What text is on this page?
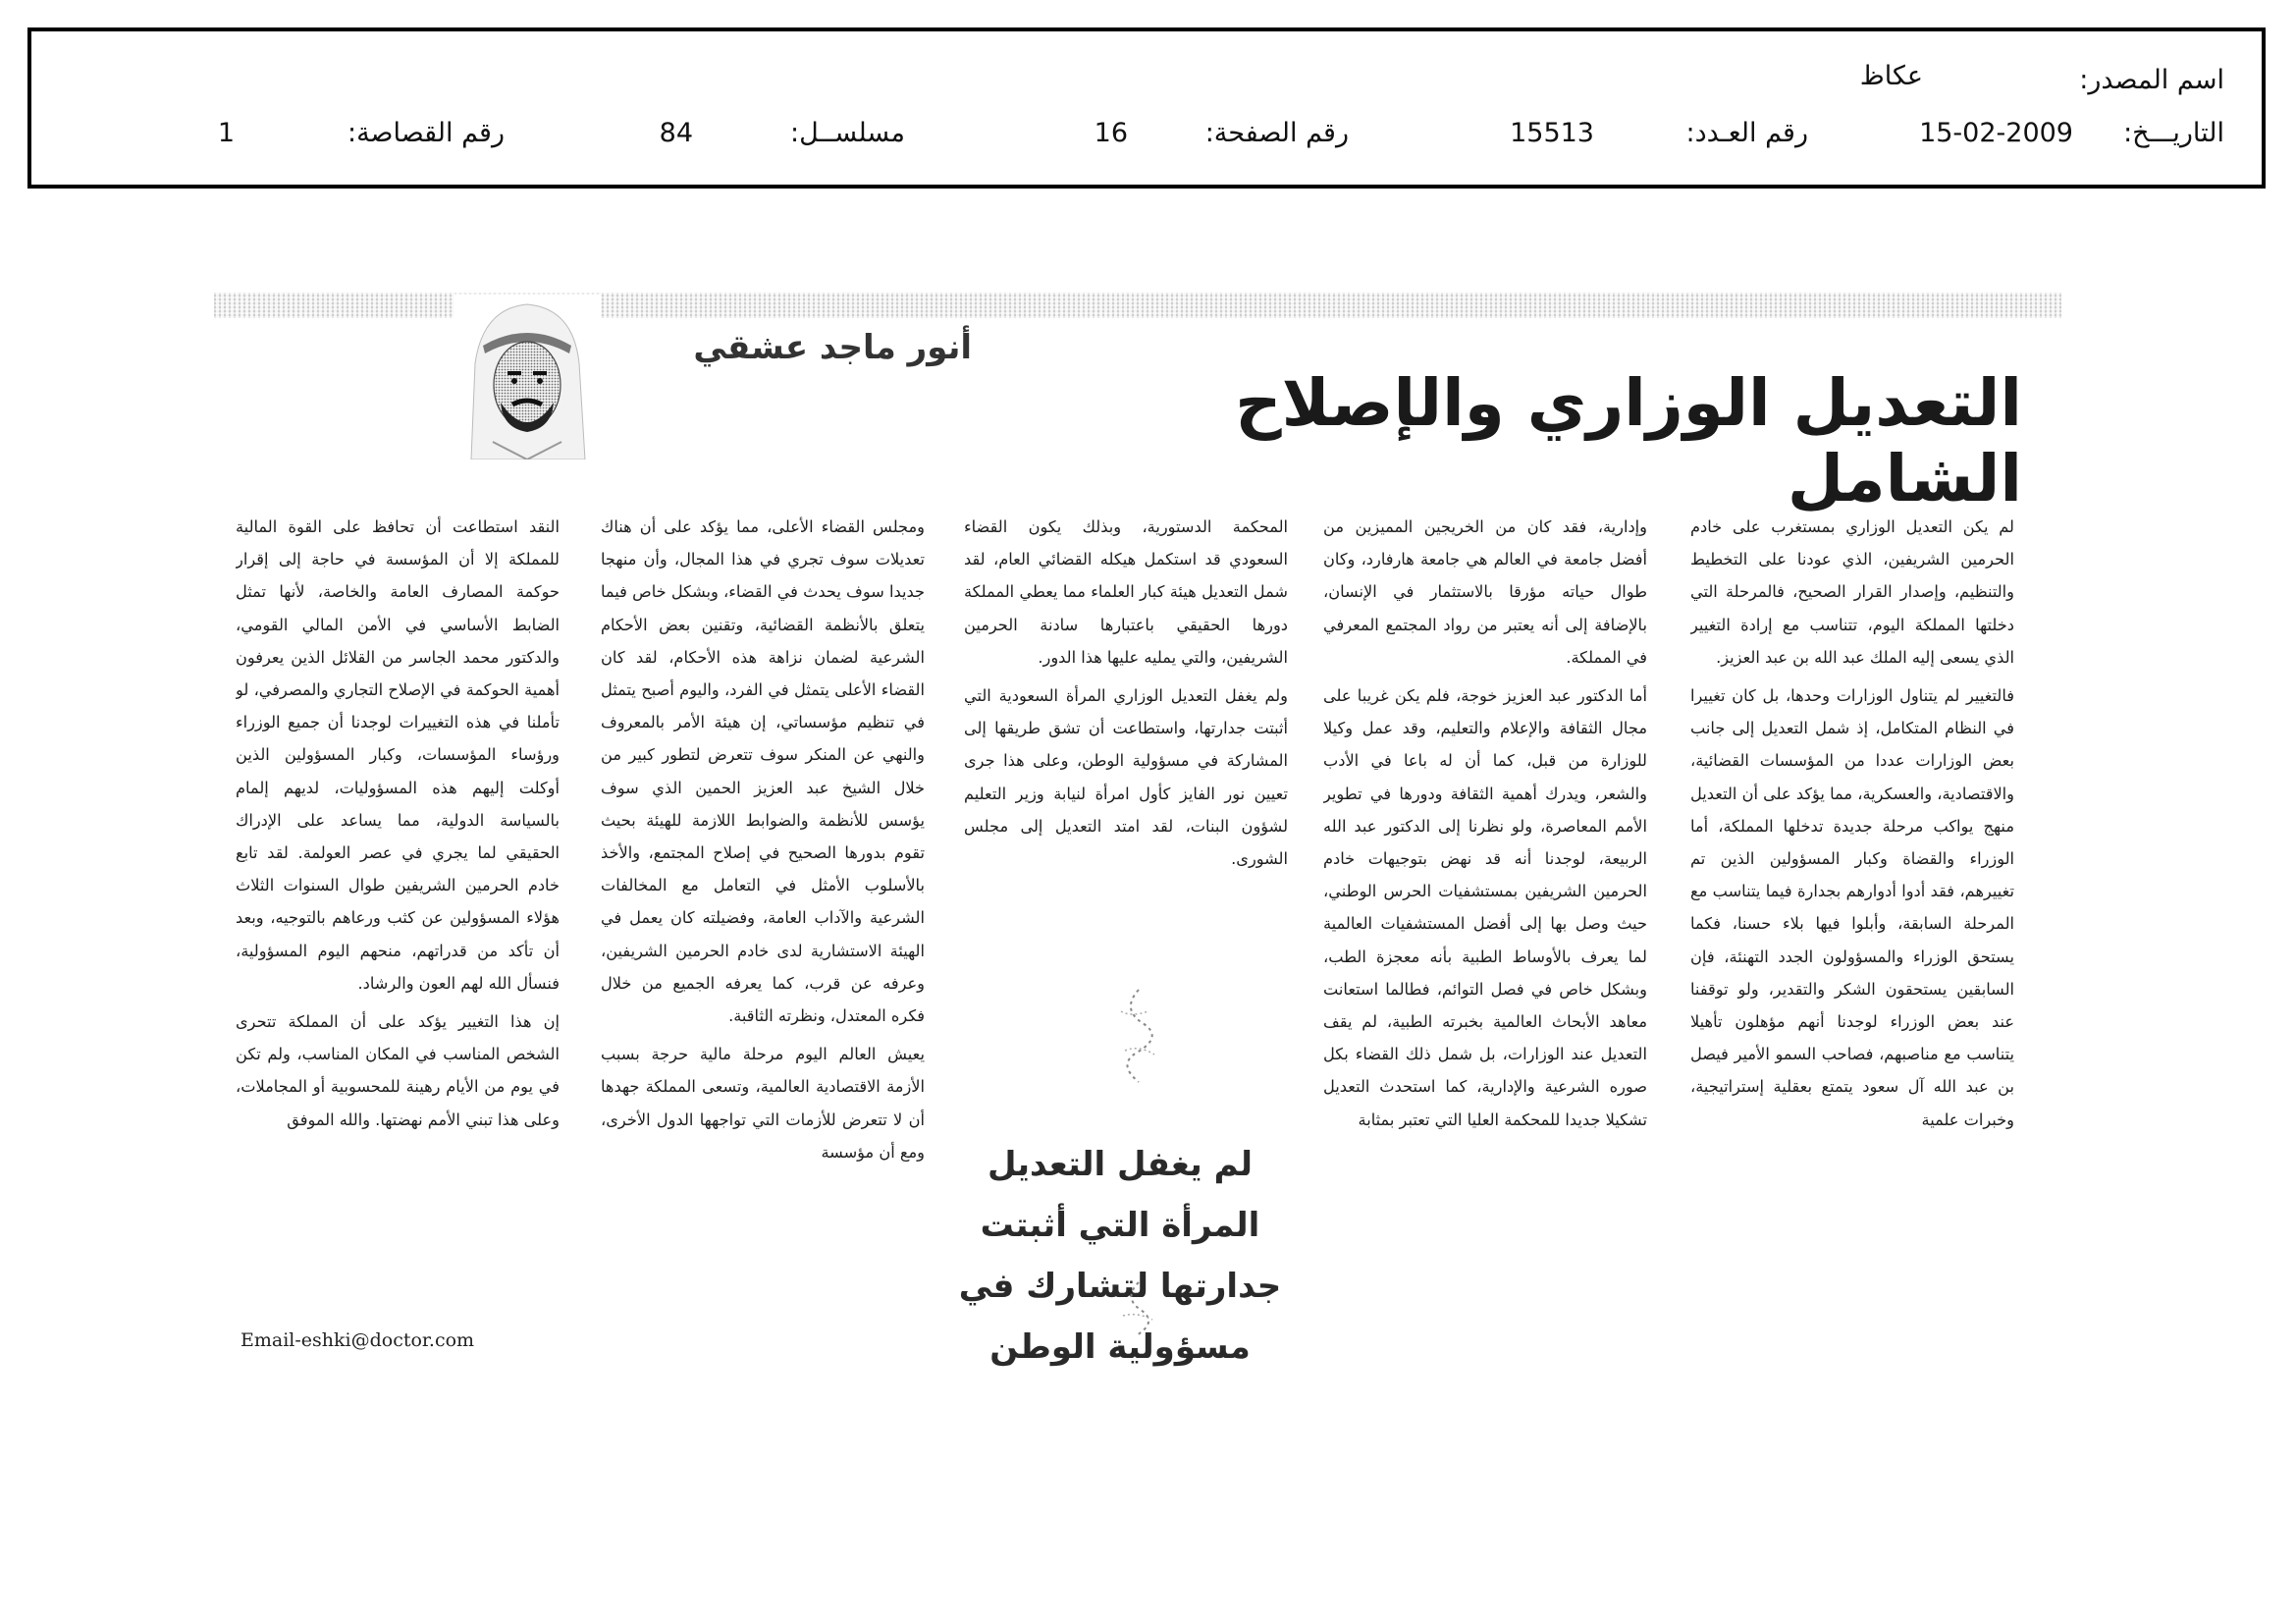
اسم المصدر:
عكاظ
التاريـــخ:
15-02-2009
رقم العـدد:
15513
رقم الصفحة:
16
مسلســل:
84
رقم القصاصة:
1
أنور ماجد عشقي
التعديل الوزاري والإصلاح الشامل

لم يكن التعديل الوزاري بمستغرب على خادم الحرمين الشريفين، الذي عودنا على التخطيط والتنظيم، وإصدار القرار الصحيح، فالمرحلة التي دخلتها المملكة اليوم، تتناسب مع إرادة التغيير الذي يسعى إليه الملك عبد الله بن عبد العزيز.

فالتغيير لم يتناول الوزارات وحدها، بل كان تغييرا في النظام المتكامل، إذ شمل التعديل إلى جانب بعض الوزارات عددا من المؤسسات القضائية، والاقتصادية، والعسكرية، مما يؤكد على أن التعديل منهج يواكب مرحلة جديدة تدخلها المملكة، أما الوزراء والقضاة وكبار المسؤولين الذين تم تغييرهم، فقد أدوا أدوارهم بجدارة فيما يتناسب مع المرحلة السابقة، وأبلوا فيها بلاء حسنا، فكما يستحق الوزراء والمسؤولون الجدد التهنئة، فإن السابقين يستحقون الشكر والتقدير، ولو توقفنا عند بعض الوزراء لوجدنا أنهم مؤهلون تأهيلا يتناسب مع مناصبهم، فصاحب السمو الأمير فيصل بن عبد الله آل سعود يتمتع بعقلية إستراتيجية، وخبرات علمية

وإدارية، فقد كان من الخريجين المميزين من أفضل جامعة في العالم هي جامعة هارفارد، وكان طوال حياته مؤرقا بالاستثمار في الإنسان، بالإضافة إلى أنه يعتبر من رواد المجتمع المعرفي في المملكة.

أما الدكتور عبد العزيز خوجة، فلم يكن غريبا على مجال الثقافة والإعلام والتعليم، وقد عمل وكيلا للوزارة من قبل، كما أن له باعا في الأدب والشعر، ويدرك أهمية الثقافة ودورها في تطوير الأمم المعاصرة، ولو نظرنا إلى الدكتور عبد الله الربيعة، لوجدنا أنه قد نهض بتوجيهات خادم الحرمين الشريفين بمستشفيات الحرس الوطني، حيث وصل بها إلى أفضل المستشفيات العالمية لما يعرف بالأوساط الطبية بأنه معجزة الطب، وبشكل خاص في فصل التوائم، فطالما استعانت معاهد الأبحاث العالمية بخبرته الطبية، لم يقف التعديل عند الوزارات، بل شمل ذلك القضاء بكل صوره الشرعية والإدارية، كما استحدث التعديل تشكيلا جديدا للمحكمة العليا التي تعتبر بمثابة

المحكمة الدستورية، وبذلك يكون القضاء السعودي قد استكمل هيكله القضائي العام، لقد شمل التعديل هيئة كبار العلماء مما يعطي المملكة دورها الحقيقي باعتبارها سادنة الحرمين الشريفين، والتي يمليه عليها هذا الدور.

ولم يغفل التعديل الوزاري المرأة السعودية التي أثبتت جدارتها، واستطاعت أن تشق طريقها إلى المشاركة في مسؤولية الوطن، وعلى هذا جرى تعيين نور الفايز كأول امرأة لنيابة وزير التعليم لشؤون البنات، لقد امتد التعديل إلى مجلس الشورى.

ومجلس القضاء الأعلى، مما يؤكد على أن هناك تعديلات سوف تجري في هذا المجال، وأن منهجا جديدا سوف يحدث في القضاء، وبشكل خاص فيما يتعلق بالأنظمة القضائية، وتقنين بعض الأحكام الشرعية لضمان نزاهة هذه الأحكام، لقد كان القضاء الأعلى يتمثل في الفرد، واليوم أصبح يتمثل في تنظيم مؤسساتي، إن هيئة الأمر بالمعروف والنهي عن المنكر سوف تتعرض لتطور كبير من خلال الشيخ عبد العزيز الحمين الذي سوف يؤسس للأنظمة والضوابط اللازمة للهيئة بحيث تقوم بدورها الصحيح في إصلاح المجتمع، والأخذ بالأسلوب الأمثل في التعامل مع المخالفات الشرعية والآداب العامة، وفضيلته كان يعمل في الهيئة الاستشارية لدى خادم الحرمين الشريفين، وعرفه عن قرب، كما يعرفه الجميع من خلال فكره المعتدل، ونظرته الثاقبة.

يعيش العالم اليوم مرحلة مالية حرجة بسبب الأزمة الاقتصادية العالمية، وتسعى المملكة جهدها أن لا تتعرض للأزمات التي تواجهها الدول الأخرى، ومع أن مؤسسة

النقد استطاعت أن تحافظ على القوة المالية للمملكة إلا أن المؤسسة في حاجة إلى إقرار حوكمة المصارف العامة والخاصة، لأنها تمثل الضابط الأساسي في الأمن المالي القومي، والدكتور محمد الجاسر من القلائل الذين يعرفون أهمية الحوكمة في الإصلاح التجاري والمصرفي، لو تأملنا في هذه التغييرات لوجدنا أن جميع الوزراء ورؤساء المؤسسات، وكبار المسؤولين الذين أوكلت إليهم هذه المسؤوليات، لديهم إلمام بالسياسة الدولية، مما يساعد على الإدراك الحقيقي لما يجري في عصر العولمة. لقد تابع خادم الحرمين الشريفين طوال السنوات الثلاث هؤلاء المسؤولين عن كثب ورعاهم بالتوجيه، وبعد أن تأكد من قدراتهم، منحهم اليوم المسؤولية، فنسأل الله لهم العون والرشاد.

إن هذا التغيير يؤكد على أن المملكة تتحرى الشخص المناسب في المكان المناسب، ولم تكن في يوم من الأيام رهينة للمحسوبية أو المجاملات، وعلى هذا تبني الأمم نهضتها. والله الموفق

لم يغفل التعديل المرأة التي أثبتت جدارتها لتشارك في مسؤولية الوطن
Email-eshki@doctor.com
